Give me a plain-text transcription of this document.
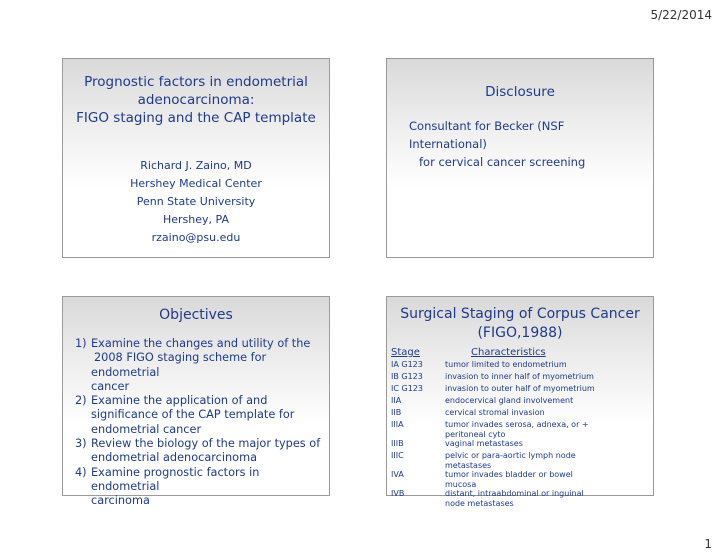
5/22/2014
Prognostic factors in endometrial
adenocarcinoma:
FIGO staging and the CAP template
Richard J. Zaino, MD
Hershey Medical Center
Penn State University
Hershey, PA
rzaino@psu.edu
Disclosure
Consultant for Becker (NSF International)
for cervical cancer screening
Objectives
1) Examine the changes and utility of the
2008 FIGO staging scheme for endometrial
cancer
2) Examine the application of and
significance of the CAP template for
endometrial cancer
3) Review the biology of the major types of
endometrial adenocarcinoma
4) Examine prognostic factors in endometrial
carcinoma
Surgical Staging of Corpus Cancer
(FIGO,1988)
Stage	Characteristics
IA G123	tumor limited to endometrium
IB G123	invasion to inner half of myometrium
IC G123	invasion to outer half of myometrium
IIA	endocervical gland involvement
IIB	cervical stromal invasion
IIIA	tumor invades serosa, adnexa, or + peritoneal cyto
IIIB	vaginal metastases
IIIC	pelvic or para-aortic lymph node metastases
IVA	tumor invades bladder or bowel mucosa
IVB	distant, intraabdominal or inguinal node metastases
1
